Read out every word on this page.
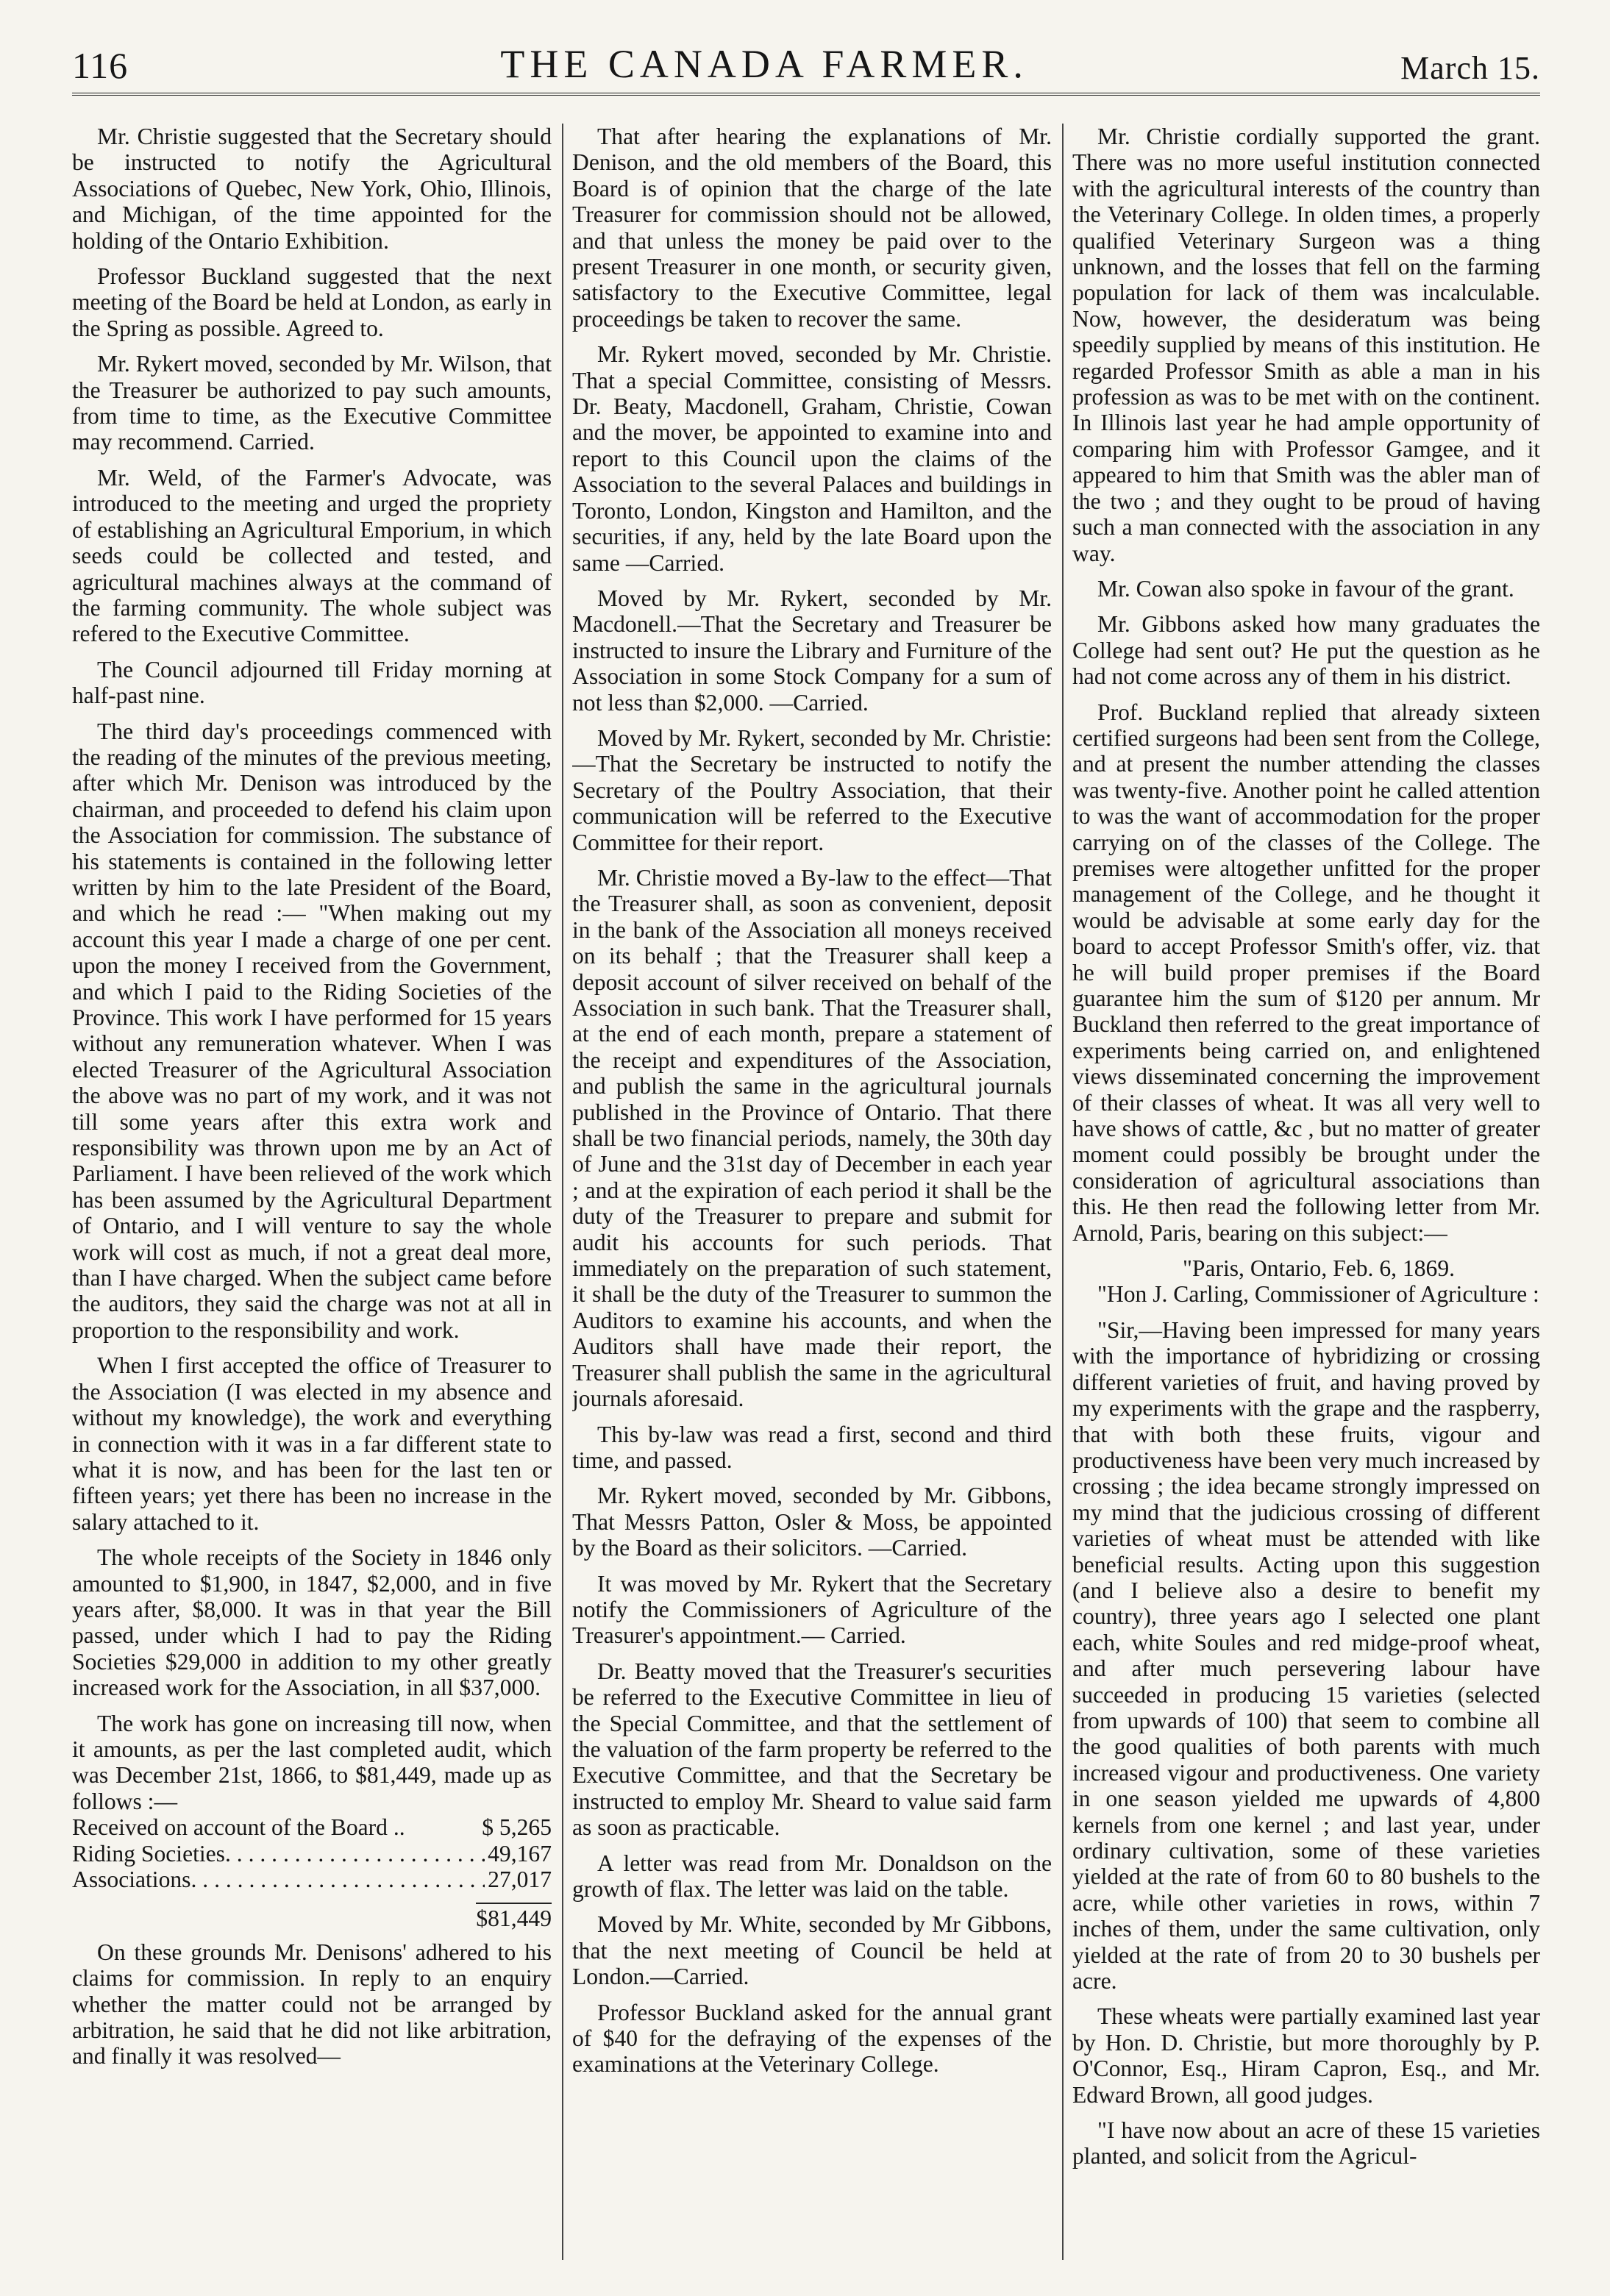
116	THE CANADA FARMER.	March 15.

Mr. Christie suggested that the Secretary should be instructed to notify the Agricultural Associations of Quebec, New York, Ohio, Illinois, and Michigan, of the time appointed for the holding of the Ontario Exhibition.

Professor Buckland suggested that the next meeting of the Board be held at London, as early in the Spring as possible. Agreed to.

Mr. Rykert moved, seconded by Mr. Wilson, that the Treasurer be authorized to pay such amounts, from time to time, as the Executive Committee may recommend. Carried.

Mr. Weld, of the Farmer's Advocate, was introduced to the meeting and urged the propriety of establishing an Agricultural Emporium, in which seeds could be collected and tested, and agricultural machines always at the command of the farming community. The whole subject was refered to the Executive Committee.

The Council adjourned till Friday morning at half-past nine.

The third day's proceedings commenced with the reading of the minutes of the previous meeting, after which Mr. Denison was introduced by the chairman, and proceeded to defend his claim upon the Association for commission. The substance of his statements is contained in the following letter written by him to the late President of the Board, and which he read :— "When making out my account this year I made a charge of one per cent. upon the money I received from the Government, and which I paid to the Riding Societies of the Province. This work I have performed for 15 years without any remuneration whatever. When I was elected Treasurer of the Agricultural Association the above was no part of my work, and it was not till some years after this extra work and responsibility was thrown upon me by an Act of Parliament. I have been relieved of the work which has been assumed by the Agricultural Department of Ontario, and I will venture to say the whole work will cost as much, if not a great deal more, than I have charged. When the subject came before the auditors, they said the charge was not at all in proportion to the responsibility and work.

When I first accepted the office of Treasurer to the Association (I was elected in my absence and without my knowledge), the work and everything in connection with it was in a far different state to what it is now, and has been for the last ten or fifteen years; yet there has been no increase in the salary attached to it.

The whole receipts of the Society in 1846 only amounted to $1,900, in 1847, $2,000, and in five years after, $8,000. It was in that year the Bill passed, under which I had to pay the Riding Societies $29,000 in addition to my other greatly increased work for the Association, in all $37,000.

The work has gone on increasing till now, when it amounts, as per the last completed audit, which was December 21st, 1866, to $81,449, made up as follows :—

Received on account of the Board ..	$ 5,265
Riding Societies . . .	49,167
Associations . . .	27,017
$81,449

On these grounds Mr. Denisons' adhered to his claims for commission. In reply to an enquiry whether the matter could not be arranged by arbitration, he said that he did not like arbitration, and finally it was resolved—

That after hearing the explanations of Mr. Denison, and the old members of the Board, this Board is of opinion that the charge of the late Treasurer for commission should not be allowed, and that unless the money be paid over to the present Treasurer in one month, or security given, satisfactory to the Executive Committee, legal proceedings be taken to recover the same.

Mr. Rykert moved, seconded by Mr. Christie. That a special Committee, consisting of Messrs. Dr. Beaty, Macdonell, Graham, Christie, Cowan and the mover, be appointed to examine into and report to this Council upon the claims of the Association to the several Palaces and buildings in Toronto, London, Kingston and Hamilton, and the securities, if any, held by the late Board upon the same —Carried.

Moved by Mr. Rykert, seconded by Mr. Macdonell.—That the Secretary and Treasurer be instructed to insure the Library and Furniture of the Association in some Stock Company for a sum of not less than $2,000. —Carried.

Moved by Mr. Rykert, seconded by Mr. Christie:—That the Secretary be instructed to notify the Secretary of the Poultry Association, that their communication will be referred to the Executive Committee for their report.

Mr. Christie moved a By-law to the effect—That the Treasurer shall, as soon as convenient, deposit in the bank of the Association all moneys received on its behalf ; that the Treasurer shall keep a deposit account of silver received on behalf of the Association in such bank. That the Treasurer shall, at the end of each month, prepare a statement of the receipt and expenditures of the Association, and publish the same in the agricultural journals published in the Province of Ontario. That there shall be two financial periods, namely, the 30th day of June and the 31st day of December in each year ; and at the expiration of each period it shall be the duty of the Treasurer to prepare and submit for audit his accounts for such periods. That immediately on the preparation of such statement, it shall be the duty of the Treasurer to summon the Auditors to examine his accounts, and when the Auditors shall have made their report, the Treasurer shall publish the same in the agricultural journals aforesaid.

This by-law was read a first, second and third time, and passed.

Mr. Rykert moved, seconded by Mr. Gibbons, That Messrs Patton, Osler & Moss, be appointed by the Board as their solicitors. —Carried.

It was moved by Mr. Rykert that the Secretary notify the Commissioners of Agriculture of the Treasurer's appointment.— Carried.

Dr. Beatty moved that the Treasurer's securities be referred to the Executive Committee in lieu of the Special Committee, and that the settlement of the valuation of the farm property be referred to the Executive Committee, and that the Secretary be instructed to employ Mr. Sheard to value said farm as soon as practicable.

A letter was read from Mr. Donaldson on the growth of flax. The letter was laid on the table.

Moved by Mr. White, seconded by Mr Gibbons, that the next meeting of Council be held at London.—Carried.

Professor Buckland asked for the annual grant of $40 for the defraying of the expenses of the examinations at the Veterinary College.

Mr. Christie cordially supported the grant. There was no more useful institution connected with the agricultural interests of the country than the Veterinary College. In olden times, a properly qualified Veterinary Surgeon was a thing unknown, and the losses that fell on the farming population for lack of them was incalculable. Now, however, the desideratum was being speedily supplied by means of this institution. He regarded Professor Smith as able a man in his profession as was to be met with on the continent. In Illinois last year he had ample opportunity of comparing him with Professor Gamgee, and it appeared to him that Smith was the abler man of the two ; and they ought to be proud of having such a man connected with the association in any way.

Mr. Cowan also spoke in favour of the grant.

Mr. Gibbons asked how many graduates the College had sent out? He put the question as he had not come across any of them in his district.

Prof. Buckland replied that already sixteen certified surgeons had been sent from the College, and at present the number attending the classes was twenty-five. Another point he called attention to was the want of accommodation for the proper carrying on of the classes of the College. The premises were altogether unfitted for the proper management of the College, and he thought it would be advisable at some early day for the board to accept Professor Smith's offer, viz. that he will build proper premises if the Board guarantee him the sum of $120 per annum. Mr Buckland then referred to the great importance of experiments being carried on, and enlightened views disseminated concerning the improvement of their classes of wheat. It was all very well to have shows of cattle, &c , but no matter of greater moment could possibly be brought under the consideration of agricultural associations than this. He then read the following letter from Mr. Arnold, Paris, bearing on this subject:—

"Paris, Ontario, Feb. 6, 1869.

"Hon J. Carling, Commissioner of Agriculture :

"Sir,—Having been impressed for many years with the importance of hybridizing or crossing different varieties of fruit, and having proved by my experiments with the grape and the raspberry, that with both these fruits, vigour and productiveness have been very much increased by crossing ; the idea became strongly impressed on my mind that the judicious crossing of different varieties of wheat must be attended with like beneficial results. Acting upon this suggestion (and I believe also a desire to benefit my country), three years ago I selected one plant each, white Soules and red midge-proof wheat, and after much persevering labour have succeeded in producing 15 varieties (selected from upwards of 100) that seem to combine all the good qualities of both parents with much increased vigour and productiveness. One variety in one season yielded me upwards of 4,800 kernels from one kernel ; and last year, under ordinary cultivation, some of these varieties yielded at the rate of from 60 to 80 bushels to the acre, while other varieties in rows, within 7 inches of them, under the same cultivation, only yielded at the rate of from 20 to 30 bushels per acre.

These wheats were partially examined last year by Hon. D. Christie, but more thoroughly by P. O'Connor, Esq., Hiram Capron, Esq., and Mr. Edward Brown, all good judges.

"I have now about an acre of these 15 varieties planted, and solicit from the Agricul-
